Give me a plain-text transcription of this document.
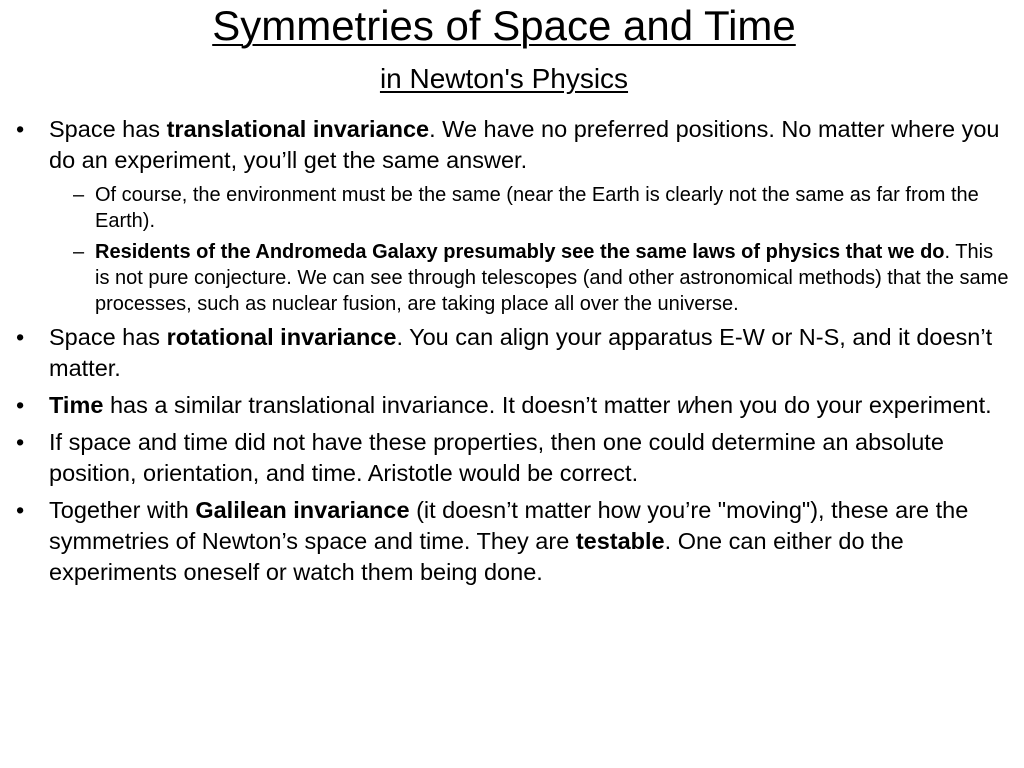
Symmetries of Space and Time
in Newton's Physics
• Space has translational invariance. We have no preferred positions. No matter where you do an experiment, you’ll get the same answer.
– Of course, the environment must be the same (near the Earth is clearly not the same as far from the Earth).
– Residents of the Andromeda Galaxy presumably see the same laws of physics that we do. This is not pure conjecture. We can see through telescopes (and other astronomical methods) that the same processes, such as nuclear fusion, are taking place all over the universe.
• Space has rotational invariance. You can align your apparatus E-W or N-S, and it doesn’t matter.
• Time has a similar translational invariance. It doesn’t matter when you do your experiment.
• If space and time did not have these properties, then one could determine an absolute position, orientation, and time. Aristotle would be correct.
• Together with Galilean invariance (it doesn’t matter how you’re "moving"), these are the symmetries of Newton’s space and time. They are testable. One can either do the experiments oneself or watch them being done.
